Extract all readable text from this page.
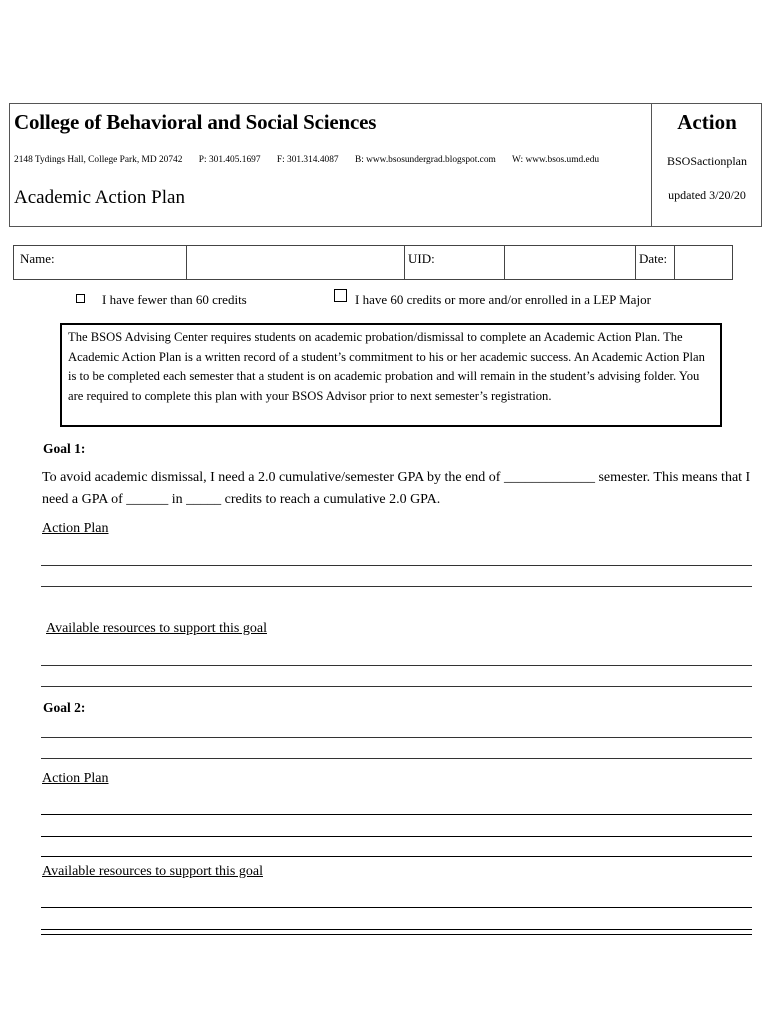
College of Behavioral and Social Sciences
2148 Tydings Hall, College Park, MD 20742 P: 301.405.1697 F: 301.314.4087 B: www.bsosundergrad.blogspot.com W: www.bsos.umd.edu
Academic Action Plan
Action
BSOSactionplan
updated 3/20/20
Name:	UID:	Date:
I have fewer than 60 credits	I have 60 credits or more and/or enrolled in a LEP Major
The BSOS Advising Center requires students on academic probation/dismissal to complete an Academic Action Plan. The Academic Action Plan is a written record of a student’s commitment to his or her academic success. An Academic Action Plan is to be completed each semester that a student is on academic probation and will remain in the student’s advising folder. You are required to complete this plan with your BSOS Advisor prior to next semester’s registration.
Goal 1:
To avoid academic dismissal, I need a 2.0 cumulative/semester GPA by the end of _____________ semester. This means that I need a GPA of ______ in _____ credits to reach a cumulative 2.0 GPA.
Action Plan
Available resources to support this goal
Goal 2:
Action Plan
Available resources to support this goal
